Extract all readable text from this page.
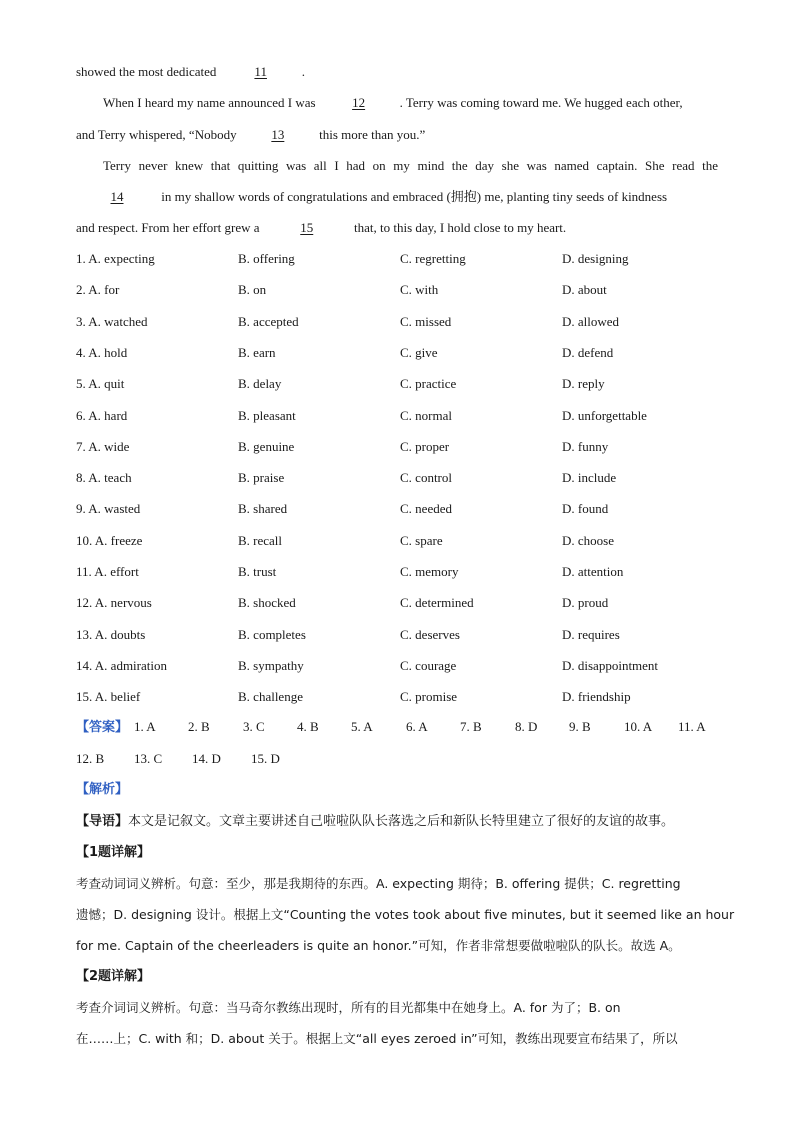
showed the most dedicated	11	.
When I heard my name announced I was	12	. Terry was coming toward me. We hugged each other,
and Terry whispered, “Nobody	13	this more than you.”
Terry never knew that quitting was all I had on my mind the day she was named captain. She read the
14	in my shallow words of congratulations and embraced (拥抱) me, planting tiny seeds of kindness
and respect. From her effort grew a	15	that, to this day, I hold close to my heart.
1. A. expecting	B. offering	C. regretting	D. designing
2. A. for	B. on	C. with	D. about
3. A. watched	B. accepted	C. missed	D. allowed
4. A. hold	B. earn	C. give	D. defend
5. A. quit	B. delay	C. practice	D. reply
6. A. hard	B. pleasant	C. normal	D. unforgettable
7. A. wide	B. genuine	C. proper	D. funny
8. A. teach	B. praise	C. control	D. include
9. A. wasted	B. shared	C. needed	D. found
10. A. freeze	B. recall	C. spare	D. choose
11. A. effort	B. trust	C. memory	D. attention
12. A. nervous	B. shocked	C. determined	D. proud
13. A. doubts	B. completes	C. deserves	D. requires
14. A. admiration	B. sympathy	C. courage	D. disappointment
15. A. belief	B. challenge	C. promise	D. friendship
【答案】 1. A 2. B	3. C 4. B 5. A	6. A 7. B	8. D 9. B	10. A 11. A
12. B 13. C 14. D 15. D
【解析】
【导语】本文是记叙文。文章主要讲述自己啦啦队队长落选之后和新队长特里建立了很好的友谊的故事。
【1题详解】
考查动词词义辨析。句意：至少，那是我期待的东西。A. expecting 期待；B. offering 提供；C. regretting
遗憾；D. designing 设计。根据上文“Counting the votes took about five minutes, but it seemed like an hour
for me. Captain of the cheerleaders is quite an honor.”可知，作者非常想要做啦啦队的队长。故选 A。
【2题详解】
考查介词词义辨析。句意：当马奇尔教练出现时，所有的目光都集中在她身上。A. for 为了；B. on
在……上；C. with 和；D. about 关于。根据上文“all eyes zeroed in”可知，教练出现要宣布结果了，所以
